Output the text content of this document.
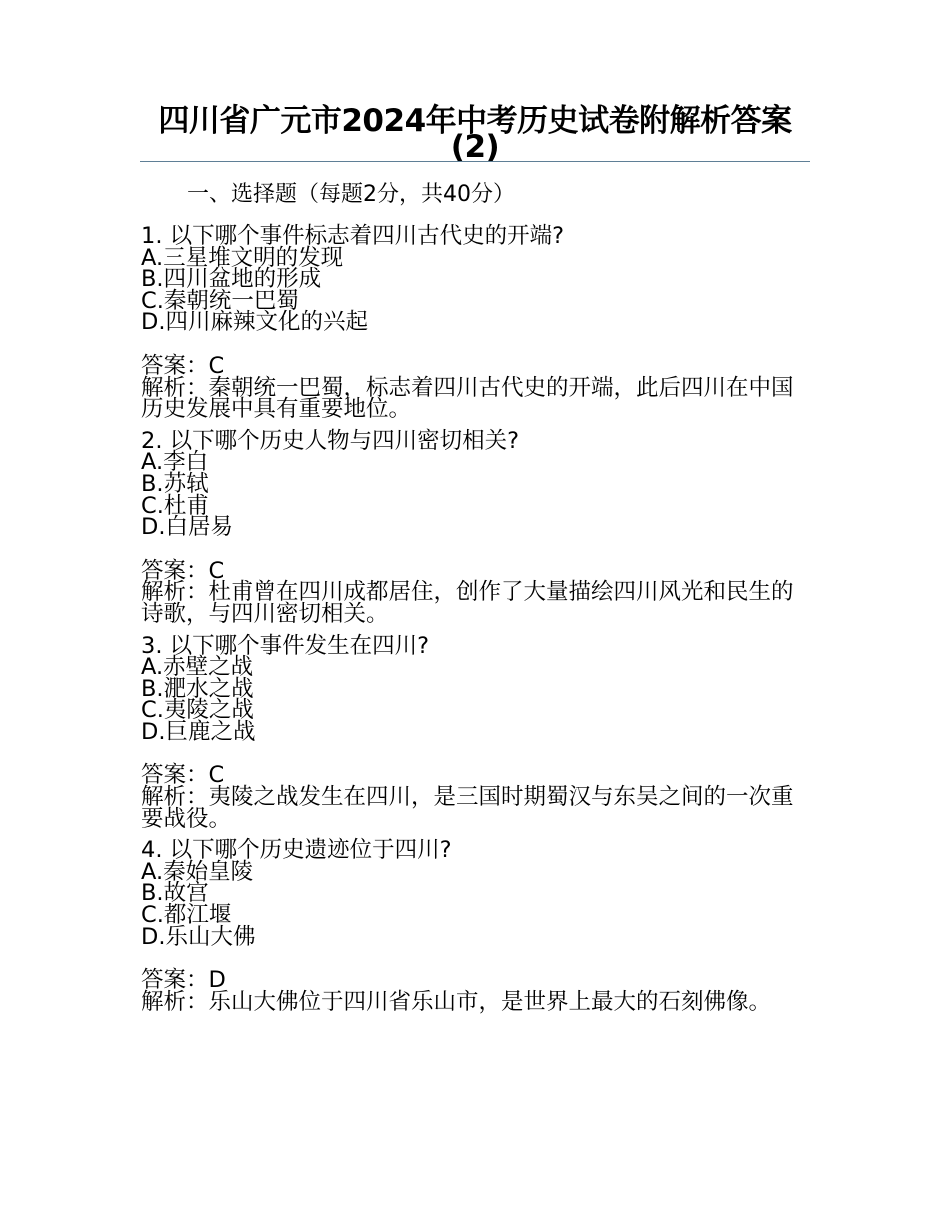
四川省广元市2024年中考历史试卷附解析答案(2)
一、选择题（每题2分，共40分）
1. 以下哪个事件标志着四川古代史的开端?
A.三星堆文明的发现
B.四川盆地的形成
C.秦朝统一巴蜀
D.四川麻辣文化的兴起
答案：C
解析：秦朝统一巴蜀，标志着四川古代史的开端，此后四川在中国历史发展中具有重要地位。
2. 以下哪个历史人物与四川密切相关?
A.李白
B.苏轼
C.杜甫
D.白居易
答案：C
解析：杜甫曾在四川成都居住，创作了大量描绘四川风光和民生的诗歌，与四川密切相关。
3. 以下哪个事件发生在四川?
A.赤壁之战
B.淝水之战
C.夷陵之战
D.巨鹿之战
答案：C
解析：夷陵之战发生在四川，是三国时期蜀汉与东吴之间的一次重要战役。
4. 以下哪个历史遗迹位于四川?
A.秦始皇陵
B.故宫
C.都江堰
D.乐山大佛
答案：D
解析：乐山大佛位于四川省乐山市，是世界上最大的石刻佛像。
